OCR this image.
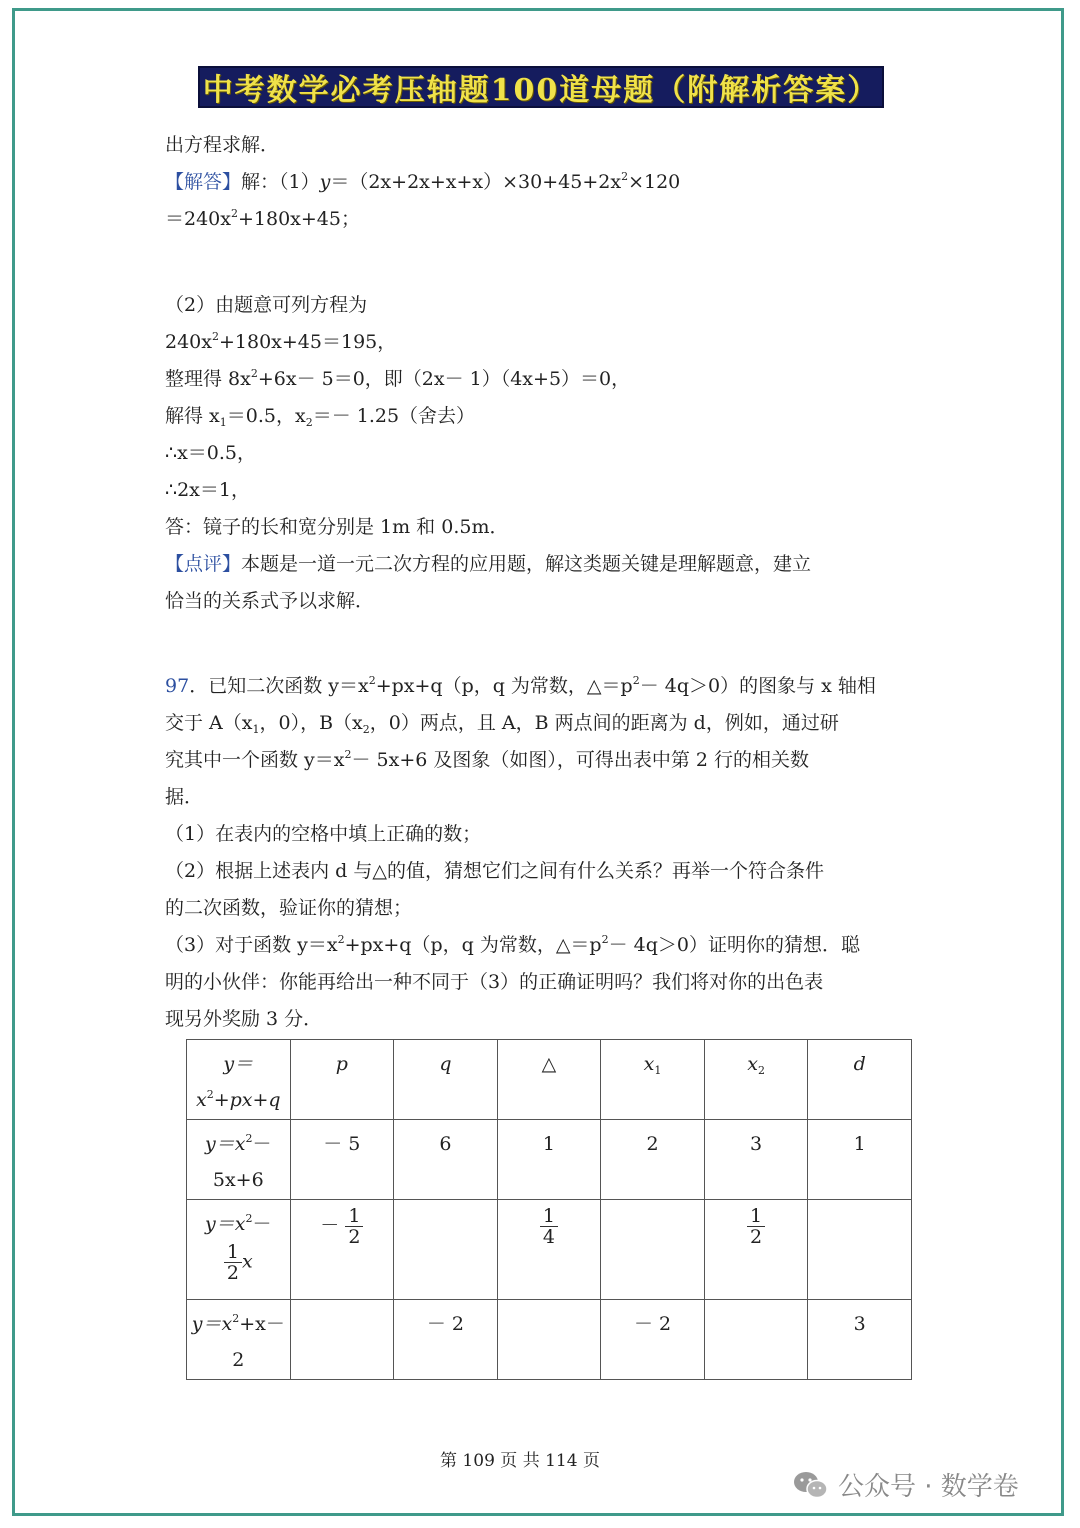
中考数学必考压轴题100道母题（附解析答案）
出方程求解．
【解答】解：$(1)y=(2x+2x+x+x)\times 30+45+2x^2\times 120$
$=240x^2+180x+45$；
（2）由题意可列方程为
$240x^2+180x+45=195$，
整理得 $8x^2+6x- 5=0$，即（2x－ 1）（4x+5）＝0，
解得 $x_1=0.5$，$x_2=- 1.25$（舍去）
∴x＝0.5，
∴2x＝1，
答：镜子的长和宽分别是 1m 和 0.5m．
【点评】本题是一道一元二次方程的应用题，解这类题关键是理解题意，建立
恰当的关系式予以求解．
97．已知二次函数 $y=x^2+px+q(p$，q 为常数，$\triangle=p^2- 4q>0$）的图象与 x 轴相
交于 $A(x_1$，0），$B(x_2$，0）两点，且 A，B 两点间的距离为 d，例如，通过研
究其中一个函数 $y=x^2- 5x+6$ 及图象（如图），可得出表中第 2 行的相关数
据．
（1）在表内的空格中填上正确的数；
（2）根据上述表内 d 与△的值，猜想它们之间有什么关系？再举一个符合条件
的二次函数，验证你的猜想；
（3）对于函数 $y=x^2+px+q(p$，q 为常数，$\triangle=p^2- 4q>0$）证明你的猜想．聪
明的小伙伴：你能再给出一种不同于（3）的正确证明吗？我们将对你的出色表
现另外奖励 3 分．
y＝
$x^2+px+q$	p	q	△	$x_1$	$x_2$	d
$y=x^2-$
5x+6	－ 5	6	1	2	3	1
$y=x^2-$

$\frac{1}{2}$ x	－ $\frac{1}{2}$		$\frac{1}{4}$		$\frac{1}{2}$

$y=x^2+x-$
2		－ 2		－ 2		3
第 109 页 共 114 页
公众号 · 数学卷
